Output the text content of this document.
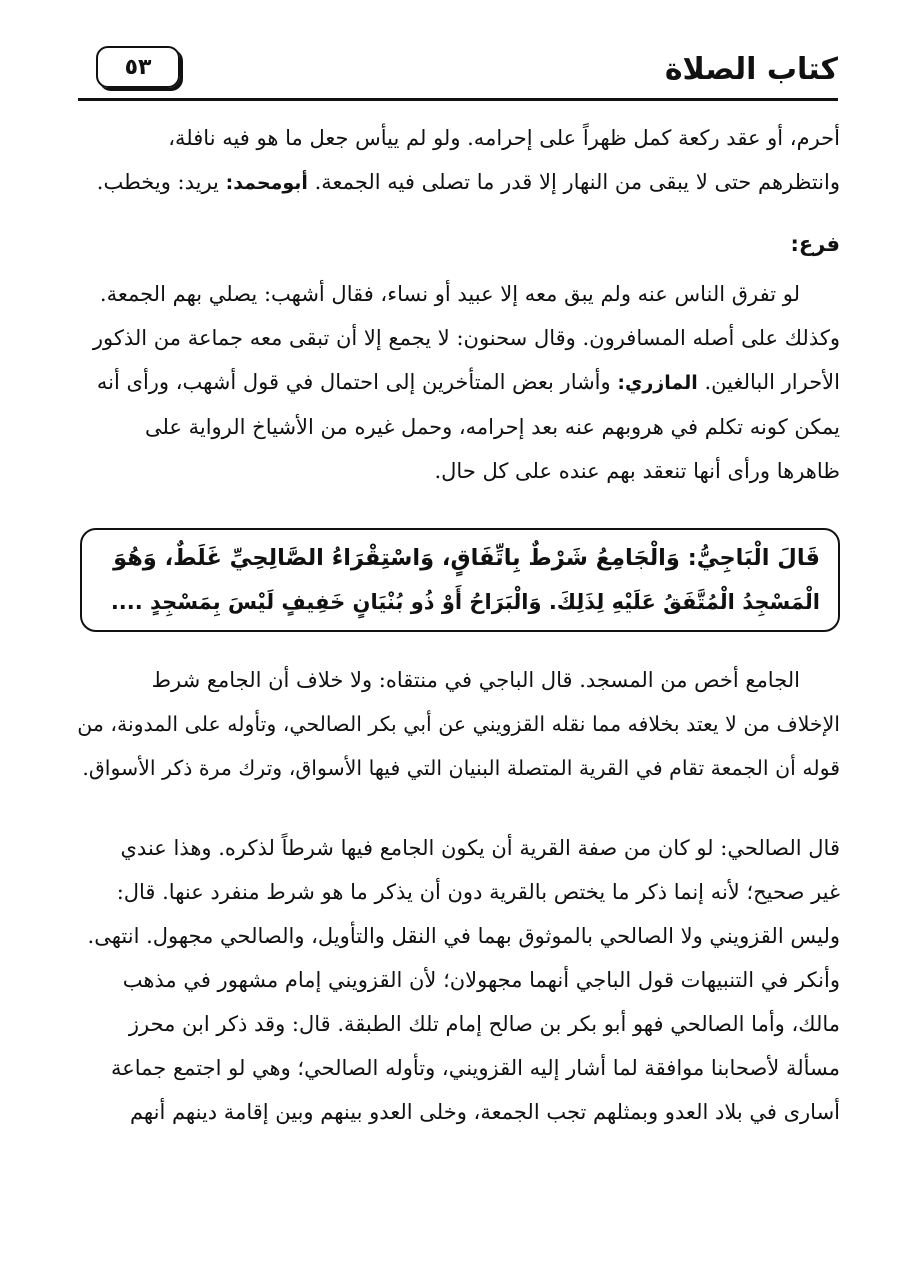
٥٣	كتاب الصلاة
أحرم، أو عقد ركعة كمل ظهراً على إحرامه. ولو لم ييأس جعل ما هو فيه نافلة،
وانتظرهم حتى لا يبقى من النهار إلا قدر ما تصلى فيه الجمعة. أبومحمد: يريد: ويخطب.
فرع:
لو تفرق الناس عنه ولم يبق معه إلا عبيد أو نساء، فقال أشهب: يصلي بهم الجمعة.
وكذلك على أصله المسافرون. وقال سحنون: لا يجمع إلا أن تبقى معه جماعة من الذكور
الأحرار البالغين. المازري: وأشار بعض المتأخرين إلى احتمال في قول أشهب، ورأى أنه
يمكن كونه تكلم في هروبهم عنه بعد إحرامه، وحمل غيره من الأشياخ الرواية على
ظاهرها ورأى أنها تنعقد بهم عنده على كل حال.
قَالَ الْبَاجِيُّ: وَالْجَامِعُ شَرْطٌ بِاتِّفَاقٍ، وَاسْتِقْرَاءُ الصَّالِحِيِّ غَلَطٌ، وَهُوَ
الْمَسْجِدُ الْمُتَّفَقُ عَلَيْهِ لِذَلِكَ. وَالْبَرَاحُ أَوْ ذُو بُنْيَانٍ خَفِيفٍ لَيْسَ بِمَسْجِدٍ ....
الجامع أخص من المسجد. قال الباجي في منتقاه: ولا خلاف أن الجامع شرط
الإخلاف من لا يعتد بخلافه مما نقله القزويني عن أبي بكر الصالحي، وتأوله على المدونة، من
قوله أن الجمعة تقام في القرية المتصلة البنيان التي فيها الأسواق، وترك مرة ذكر الأسواق.
قال الصالحي: لو كان من صفة القرية أن يكون الجامع فيها شرطاً لذكره. وهذا عندي
غير صحيح؛ لأنه إنما ذكر ما يختص بالقرية دون أن يذكر ما هو شرط منفرد عنها. قال:
وليس القزويني ولا الصالحي بالموثوق بهما في النقل والتأويل، والصالحي مجهول. انتهى.
وأنكر في التنبيهات قول الباجي أنهما مجهولان؛ لأن القزويني إمام مشهور في مذهب
مالك، وأما الصالحي فهو أبو بكر بن صالح إمام تلك الطبقة. قال: وقد ذكر ابن محرز
مسألة لأصحابنا موافقة لما أشار إليه القزويني، وتأوله الصالحي؛ وهي لو اجتمع جماعة
أسارى في بلاد العدو وبمثلهم تجب الجمعة، وخلى العدو بينهم وبين إقامة دينهم أنهم
